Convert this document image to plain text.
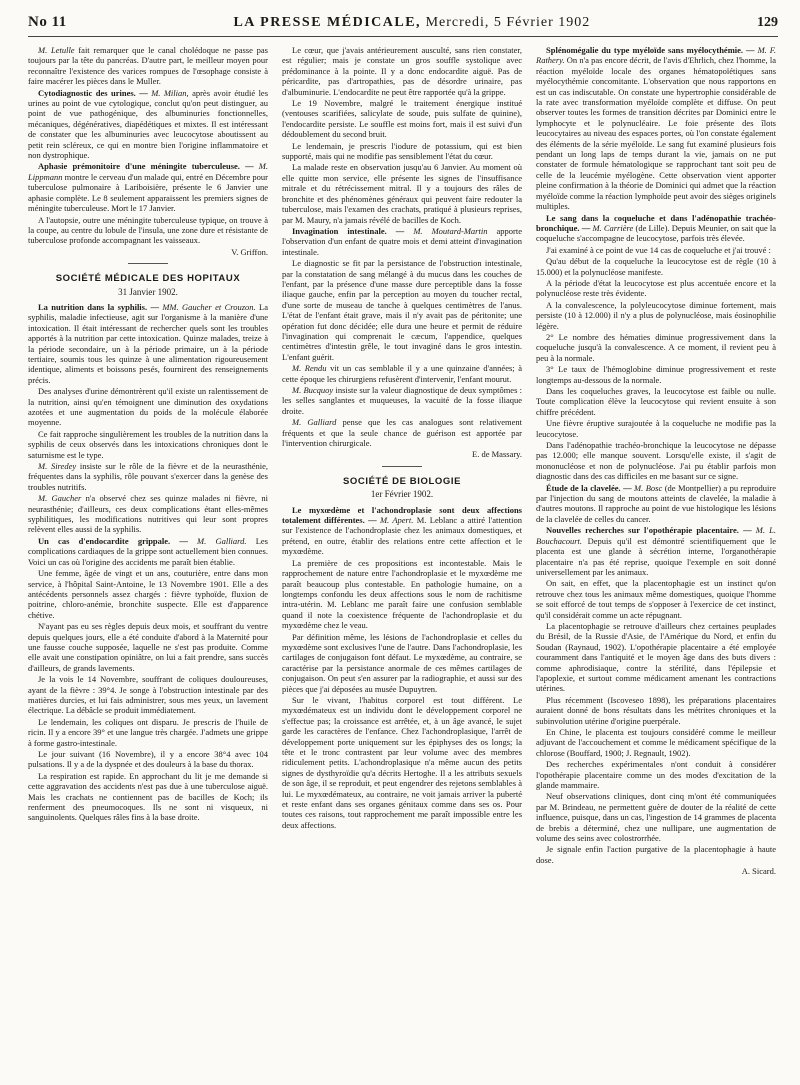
No 11	LA PRESSE MÉDICALE, Mercredi, 5 Février 1902	129

M. Letulle fait remarquer que le canal cholédoque ne passe pas toujours par la tête du pancréas. D'autre part, le meilleur moyen pour reconnaître l'existence des varices rompues de l'œsophage consiste à faire macérer les pièces dans le Muller.

Cytodiagnostic des urines. — M. Milian, après avoir étudié les urines au point de vue cytologique, conclut qu'on peut distinguer, au point de vue pathogénique, des albuminuries fonctionnelles, mécaniques, dégénératives, diapédétiques et mixtes. Il est intéressant de constater que les albuminuries avec leucocytose aboutissent au petit rein scléreux, ce qui en montre bien l'origine inflammatoire et non dystrophique.

Aphasie prémonitoire d'une méningite tuberculeuse. — M. Lippmann montre le cerveau d'un malade qui, entré en Décembre pour tuberculose pulmonaire à Lariboisière, présente le 6 Janvier une aphasie complète. Le 8 seulement apparaissent les premiers signes de méningite tuberculeuse. Mort le 17 Janvier.

A l'autopsie, outre une méningite tuberculeuse typique, on trouve à la coupe, au centre du lobule de l'insula, une zone dure et résistante de tuberculose profonde accompagnant les vaisseaux.

V. Griffon.
SOCIÉTÉ MÉDICALE DES HOPITAUX
31 Janvier 1902.

La nutrition dans la syphilis. — MM. Gaucher et Crouzon. La syphilis, maladie infectieuse, agit sur l'organisme à la manière d'une intoxication. Il était intéressant de rechercher quels sont les troubles apportés à la nutrition par cette intoxication. Quinze malades, treize à la période secondaire, un à la période primaire, un à la période tertiaire, soumis tous les quinze à une alimentation rigoureusement identique, aliments et boissons pesés, fournirent des renseignements précis.

Des analyses d'urine démontrèrent qu'il existe un ralentissement de la nutrition, ainsi qu'en témoignent une diminution des oxydations azotées et une augmentation du poids de la molécule élaborée moyenne.

Ce fait rapproche singulièrement les troubles de la nutrition dans la syphilis de ceux observés dans les intoxications chroniques dont le saturnisme est le type.

M. Siredey insiste sur le rôle de la fièvre et de la neurasthénie, fréquentes dans la syphilis, rôle pouvant s'exercer dans la genèse des troubles nutritifs.

M. Gaucher n'a observé chez ses quinze malades ni fièvre, ni neurasthénie; d'ailleurs, ces deux complications étant elles-mêmes syphilitiques, les modifications nutritives qui leur sont propres relèvent elles aussi de la syphilis.

Un cas d'endocardite grippale. — M. Galliard. Les complications cardiaques de la grippe sont actuellement bien connues. Voici un cas où l'origine des accidents me paraît bien établie.

Une femme, âgée de vingt et un ans, couturière, entre dans mon service, à l'hôpital Saint-Antoine, le 13 Novembre 1901. Elle a des antécédents personnels assez chargés : fièvre typhoïde, fluxion de poitrine, chloro-anémie, bronchite suspecte. Elle est d'apparence chétive.

N'ayant pas eu ses règles depuis deux mois, et souffrant du ventre depuis quelques jours, elle a été conduite d'abord à la Maternité pour une fausse couche supposée, laquelle ne s'est pas produite. Comme elle avait une constipation opiniâtre, on lui a fait prendre, sans succès d'ailleurs, de grands lavements.

Je la vois le 14 Novembre, souffrant de coliques douloureuses, ayant de la fièvre : 39°4. Je songe à l'obstruction intestinale par des matières durcies, et lui fais administrer, sous mes yeux, un lavement électrique. La débâcle se produit immédiatement.

Le lendemain, les coliques ont disparu. Je prescris de l'huile de ricin. Il y a encore 39° et une langue très chargée. J'admets une grippe à forme gastro-intestinale.

Le jour suivant (16 Novembre), il y a encore 38°4 avec 104 pulsations. Il y a de la dyspnée et des douleurs à la base du thorax.

La respiration est rapide. En approchant du lit je me demande si cette aggravation des accidents n'est pas due à une tuberculose aiguë. Mais les crachats ne contiennent pas de bacilles de Koch; ils renferment des pneumocoques. Ils ne sont ni visqueux, ni sanguinolents. Quelques râles fins à la base droite.

Le cœur, que j'avais antérieurement ausculté, sans rien constater, est régulier; mais je constate un gros souffle systolique avec prédominance à la pointe. Il y a donc endocardite aiguë. Pas de péricardite, pas d'artropathies, pas de désordre urinaire, pas d'albuminurie. L'endocardite ne peut être rapportée qu'à la grippe.

Le 19 Novembre, malgré le traitement énergique institué (ventouses scarifiées, salicylate de soude, puis sulfate de quinine), l'endocardite persiste. Le souffle est moins fort, mais il est suivi d'un dédoublement du second bruit.

Le lendemain, je prescris l'iodure de potassium, qui est bien supporté, mais qui ne modifie pas sensiblement l'état du cœur.

La malade reste en observation jusqu'au 6 Janvier. Au moment où elle quitte mon service, elle présente les signes de l'insuffisance mitrale et du rétrécissement mitral. Il y a toujours des râles de bronchite et des phénomènes généraux qui peuvent faire redouter la tuberculose, mais l'examen des crachats, pratiqué à plusieurs reprises, par M. Maury, n'a jamais révélé de bacilles de Koch.

Invagination intestinale. — M. Moutard-Martin apporte l'observation d'un enfant de quatre mois et demi atteint d'invagination intestinale.

Le diagnostic se fit par la persistance de l'obstruction intestinale, par la constatation de sang mélangé à du mucus dans les couches de l'enfant, par la présence d'une masse dure perceptible dans la fosse iliaque gauche, enfin par la perception au moyen du toucher rectal, d'une sorte de museau de tanche à quelques centimètres de l'anus. L'état de l'enfant était grave, mais il n'y avait pas de péritonite; une opération fut donc décidée; elle dura une heure et permit de réduire l'invagination qui comprenait le cæcum, l'appendice, quelques centimètres d'intestin grêle, le tout invaginé dans le gros intestin. L'enfant guérit.

M. Rendu vit un cas semblable il y a une quinzaine d'années; à cette époque les chirurgiens refusèrent d'intervenir, l'enfant mourut.

M. Bucquoy insiste sur la valeur diagnostique de deux symptômes : les selles sanglantes et muqueuses, la vacuité de la fosse iliaque droite.

M. Galliard pense que les cas analogues sont relativement fréquents et que la seule chance de guérison est apportée par l'intervention chirurgicale.

E. de Massary.
SOCIÉTÉ DE BIOLOGIE
1er Février 1902.

Le myxœdème et l'achondroplasie sont deux affections totalement différentes. — M. Apert. M. Leblanc a attiré l'attention sur l'existence de l'achondroplasie chez les animaux domestiques, et prétend, en outre, établir des relations entre cette affection et le myxœdème.

La première de ces propositions est incontestable. Mais le rapprochement de nature entre l'achondroplasie et le myxœdème me paraît beaucoup plus contestable. En pathologie humaine, on a longtemps confondu les deux affections sous le nom de rachitisme intra-utérin. M. Leblanc me paraît faire une confusion semblable quand il note la coexistence fréquente de l'achondroplasie et du myxœdème chez le veau.

Par définition même, les lésions de l'achondroplasie et celles du myxœdème sont exclusives l'une de l'autre. Dans l'achondroplasie, les cartilages de conjugaison font défaut. Le myxœdème, au contraire, se caractérise par la persistance anormale de ces mêmes cartilages de conjugaison. On peut s'en assurer par la radiographie, et aussi sur des pièces que j'ai déposées au musée Dupuytren.

Sur le vivant, l'habitus corporel est tout différent. Le myxœdémateux est un individu dont le développement corporel ne s'effectue pas; la croissance est arrêtée, et, à un âge avancé, le sujet garde les caractères de l'enfance. Chez l'achondroplasique, l'arrêt de développement porte uniquement sur les épiphyses des os longs; la tête et le tronc contrastent par leur volume avec des membres ridiculement petits. L'achondroplasique n'a même aucun des petits signes de dysthyroïdie qu'a décrits Hertoghe. Il a les attributs sexuels de son âge, il se reproduit, et peut engendrer des rejetons semblables à lui. Le myxœdémateux, au contraire, ne voit jamais arriver la puberté et reste enfant dans ses organes génitaux comme dans ses os. Pour toutes ces raisons, tout rapprochement me paraît impossible entre les deux affections.

Splénomégalie du type myéloïde sans myélocythémie. — M. F. Rathery. On n'a pas encore décrit, de l'avis d'Ehrlich, chez l'homme, la réaction myéloïde locale des organes hématopoïétiques sans myélocythémie concomitante. L'observation que nous rapportons en est un cas indiscutable. On constate une hypertrophie considérable de la rate avec transformation myéloïde complète et diffuse. On peut observer toutes les formes de transition décrites par Dominici entre le lymphocyte et le polynucléaire. Le foie présente des îlots leucocytaires au niveau des espaces portes, où l'on constate également des éléments de la série myéloïde. Le sang fut examiné plusieurs fois pendant un long laps de temps durant la vie, jamais on ne put constater de formule hématologique se rapprochant tant soit peu de celle de la leucémie myélogène. Cette observation vient apporter pleine confirmation à la théorie de Dominici qui admet que la réaction myéloïde comme la réaction lymphoïde peut avoir des sièges originels multiples.

Le sang dans la coqueluche et dans l'adénopathie trachéo-bronchique. — M. Carrière (de Lille). Depuis Meunier, on sait que la coqueluche s'accompagne de leucocytose, parfois très élevée.

J'ai examiné à ce point de vue 14 cas de coqueluche et j'ai trouvé :

Qu'au début de la coqueluche la leucocytose est de règle (10 à 15.000) et la polynucléose manifeste.

A la période d'état la leucocytose est plus accentuée encore et la polynucléose reste très évidente.

A la convalescence, la polyleucocytose diminue fortement, mais persiste (10 à 12.000) il n'y a plus de polynucléose, mais éosinophilie légère.

2° Le nombre des hématies diminue progressivement dans la coqueluche jusqu'à la convalescence. A ce moment, il revient peu à peu à la normale.

3° Le taux de l'hémoglobine diminue progressivement et reste longtemps au-dessous de la normale.

Dans les coqueluches graves, la leucocytose est faible ou nulle. Toute complication élève la leucocytose qui revient ensuite à son chiffre précédent.

Une fièvre éruptive surajoutée à la coqueluche ne modifie pas la leucocytose.

Dans l'adénopathie trachéo-bronchique la leucocytose ne dépasse pas 12.000; elle manque souvent. Lorsqu'elle existe, il s'agit de mononucléose et non de polynucléose. J'ai pu établir parfois mon diagnostic dans des cas difficiles en me basant sur ce signe.

Étude de la clavelée. — M. Bosc (de Montpellier) a pu reproduire par l'injection du sang de moutons atteints de clavelée, la maladie à d'autres moutons. Il rapproche au point de vue histologique les lésions de la clavelée de celles du cancer.

Nouvelles recherches sur l'opothérapie placentaire. — M. L. Bouchacourt. Depuis qu'il est démontré scientifiquement que le placenta est une glande à sécrétion interne, l'organothérapie placentaire n'a pas été reprise, quoique l'exemple en soit donné universellement par les animaux.

On sait, en effet, que la placentophagie est un instinct qu'on retrouve chez tous les animaux même domestiques, quoique l'homme se soit efforcé de tout temps de s'opposer à l'exercice de cet instinct, qu'il considérait comme un acte répugnant.

La placentophagie se retrouve d'ailleurs chez certaines peuplades du Brésil, de la Russie d'Asie, de l'Amérique du Nord, et enfin du Soudan (Raynaud, 1902). L'opothérapie placentaire a été employée couramment dans l'antiquité et le moyen âge dans des buts divers : comme aphrodisiaque, contre la stérilité, dans l'épilepsie et l'apoplexie, et surtout comme médicament amenant les contractions utérines.

Plus récemment (Iscoveseo 1898), les préparations placentaires auraient donné de bons résultats dans les métrites chroniques et la subinvolution utérine d'origine puerpérale.

En Chine, le placenta est toujours considéré comme le meilleur adjuvant de l'accouchement et comme le médicament spécifique de la chlorose (Bouffard, 1900; J. Regnault, 1902).

Des recherches expérimentales n'ont conduit à considérer l'opothérapie placentaire comme un des modes d'excitation de la glande mammaire.

Neuf observations cliniques, dont cinq m'ont été communiquées par M. Brindeau, ne permettent guère de douter de la réalité de cette influence, puisque, dans un cas, l'ingestion de 14 grammes de placenta de brebis a déterminé, chez une nullipare, une augmentation de volume des seins avec colostrorrhée.

Je signale enfin l'action purgative de la placentophagie à haute dose.

A. Sicard.
